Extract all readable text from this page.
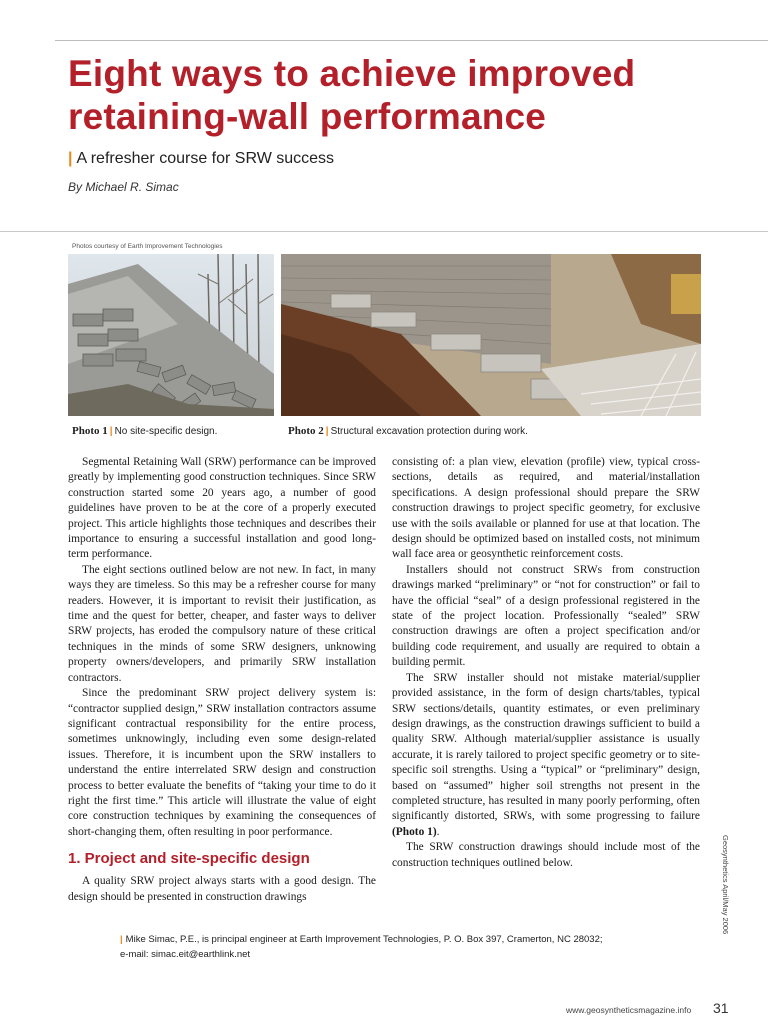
Eight ways to achieve improved retaining-wall performance

| A refresher course for SRW success

By Michael R. Simac

Photos courtesy of Earth Improvement Technologies
Photo 1 | No site-specific design.	Photo 2 | Structural excavation protection during work.

Segmental Retaining Wall (SRW) performance can be improved greatly by implementing good construction techniques. Since SRW construction started some 20 years ago, a number of good guidelines have proven to be at the core of a properly executed project. This article highlights those techniques and describes their importance to ensuring a successful installation and good long-term performance.

The eight sections outlined below are not new. In fact, in many ways they are timeless. So this may be a refresher course for many readers. However, it is important to revisit their justification, as time and the quest for better, cheaper, and faster ways to deliver SRW projects, has eroded the compulsory nature of these critical techniques in the minds of some SRW designers, unknowing property owners/developers, and primarily SRW installation contractors.

Since the predominant SRW project delivery system is: “contractor supplied design,” SRW installation contractors assume significant contractual responsibility for the entire process, sometimes unknowingly, including even some design-related issues. Therefore, it is incumbent upon the SRW installers to understand the entire interrelated SRW design and construction process to better evaluate the benefits of “taking your time to do it right the first time.” This article will illustrate the value of eight core construction techniques by examining the consequences of short-changing them, often resulting in poor performance.

1. Project and site-specific design

A quality SRW project always starts with a good design. The design should be presented in construction drawings

consisting of: a plan view, elevation (profile) view, typical cross-sections, details as required, and material/installation specifications. A design professional should prepare the SRW construction drawings to project specific geometry, for exclusive use with the soils available or planned for use at that location. The design should be optimized based on installed costs, not minimum wall face area or geosynthetic reinforcement costs.

Installers should not construct SRWs from construction drawings marked “preliminary” or “not for construction” or fail to have the official “seal” of a design professional registered in the state of the project location. Professionally “sealed” SRW construction drawings are often a project specification and/or building code requirement, and usually are required to obtain a building permit.

The SRW installer should not mistake material/supplier provided assistance, in the form of design charts/tables, typical SRW sections/details, quantity estimates, or even preliminary design drawings, as the construction drawings sufficient to build a quality SRW. Although material/supplier assistance is usually accurate, it is rarely tailored to project specific geometry or to site-specific soil strengths. Using a “typical” or “preliminary” design, based on “assumed” higher soil strengths not present in the completed structure, has resulted in many poorly performing, often significantly distorted, SRWs, with some progressing to failure (Photo 1).

The SRW construction drawings should include most of the construction techniques outlined below.	Geosynthetics April/May 2006
| Mike Simac, P.E., is principal engineer at Earth Improvement Technologies, P. O. Box 397, Cramerton, NC 28032;
e-mail: simac.eit@earthlink.net
www.geosyntheticsmagazine.info 31
